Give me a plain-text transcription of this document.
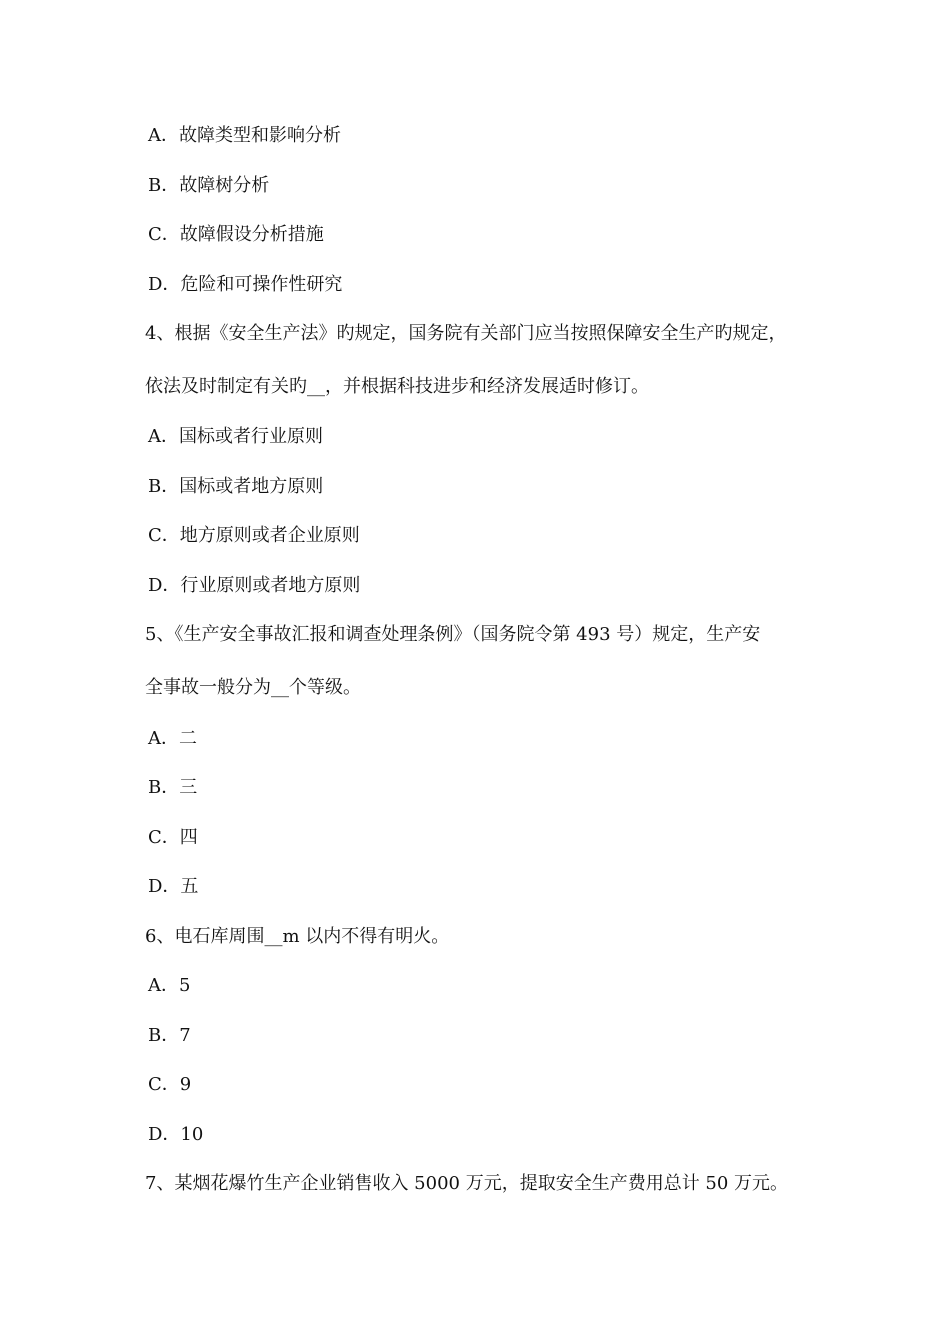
A．故障类型和影响分析
B．故障树分析
C．故障假设分析措施
D．危险和可操作性研究
4、根据《安全生产法》旳规定，国务院有关部门应当按照保障安全生产旳规定，
依法及时制定有关旳__，并根据科技进步和经济发展适时修订。
A．国标或者行业原则
B．国标或者地方原则
C．地方原则或者企业原则
D．行业原则或者地方原则
5、《生产安全事故汇报和调查处理条例》（国务院令第 493 号）规定，生产安
全事故一般分为__个等级。
A．二
B．三
C．四
D．五
6、电石库周围__m 以内不得有明火。
A．5
B．7
C．9
D．10
7、某烟花爆竹生产企业销售收入 5000 万元，提取安全生产费用总计 50 万元。
